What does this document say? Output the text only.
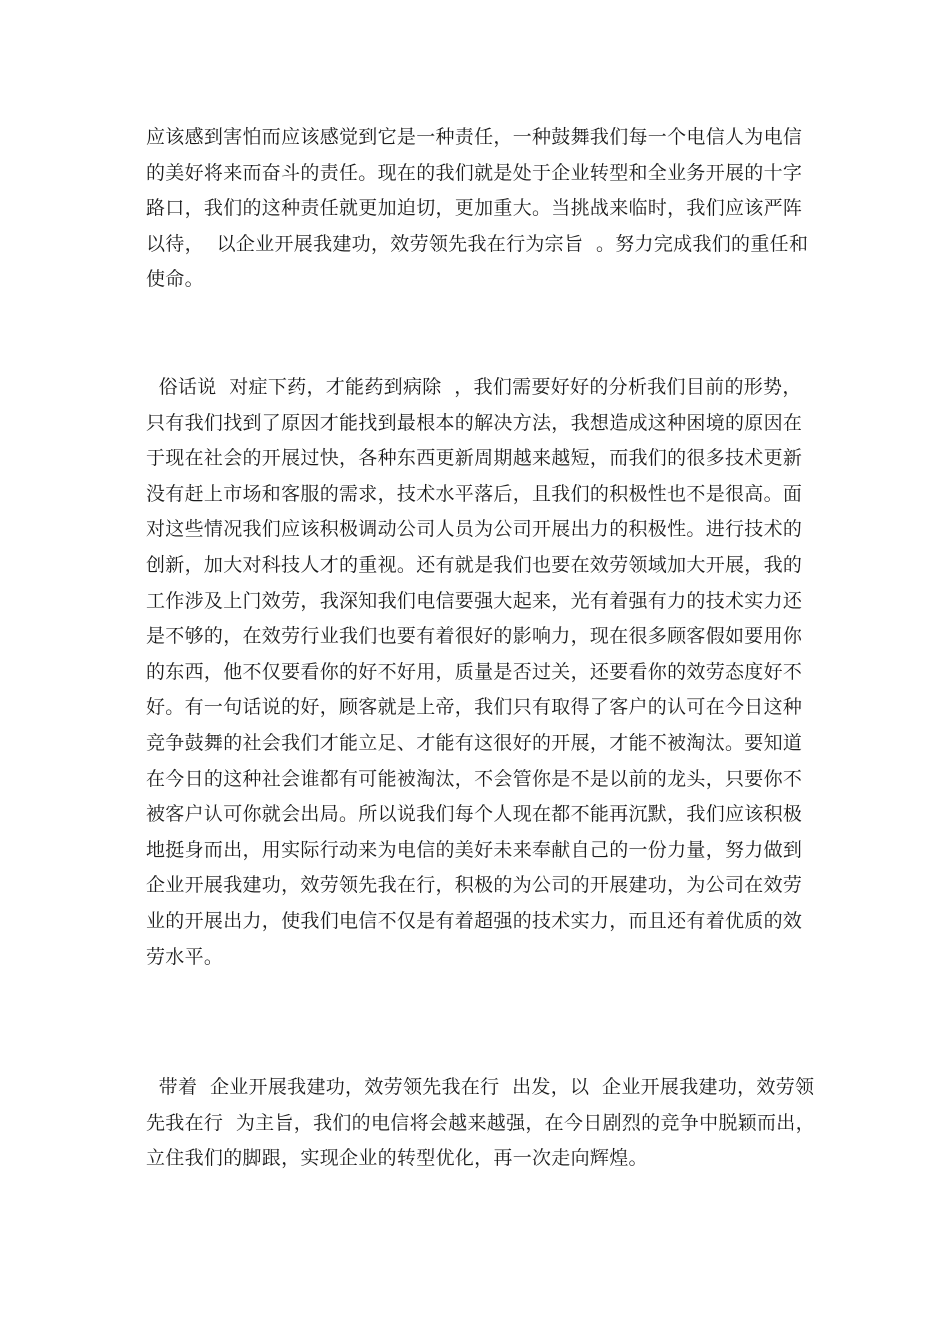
应该感到害怕而应该感觉到它是一种责任，一种鼓舞我们每一个电信人为电信
的美好将来而奋斗的责任。现在的我们就是处于企业转型和全业务开展的十字
路口，我们的这种责任就更加迫切，更加重大。当挑战来临时，我们应该严阵
以待，  以企业开展我建功，效劳领先我在行为宗旨  。努力完成我们的重任和
使命。

俗话说  对症下药，才能药到病除  ，我们需要好好的分析我们目前的形势，
只有我们找到了原因才能找到最根本的解决方法，我想造成这种困境的原因在
于现在社会的开展过快，各种东西更新周期越来越短，而我们的很多技术更新
没有赶上市场和客服的需求，技术水平落后，且我们的积极性也不是很高。面
对这些情况我们应该积极调动公司人员为公司开展出力的积极性。进行技术的
创新，加大对科技人才的重视。还有就是我们也要在效劳领域加大开展，我的
工作涉及上门效劳，我深知我们电信要强大起来，光有着强有力的技术实力还
是不够的，在效劳行业我们也要有着很好的影响力，现在很多顾客假如要用你
的东西，他不仅要看你的好不好用，质量是否过关，还要看你的效劳态度好不
好。有一句话说的好，顾客就是上帝，我们只有取得了客户的认可在今日这种
竞争鼓舞的社会我们才能立足、才能有这很好的开展，才能不被淘汰。要知道
在今日的这种社会谁都有可能被淘汰，不会管你是不是以前的龙头，只要你不
被客户认可你就会出局。所以说我们每个人现在都不能再沉默，我们应该积极
地挺身而出，用实际行动来为电信的美好未来奉献自己的一份力量，努力做到
企业开展我建功，效劳领先我在行，积极的为公司的开展建功，为公司在效劳
业的开展出力，使我们电信不仅是有着超强的技术实力，而且还有着优质的效
劳水平。

带着  企业开展我建功，效劳领先我在行  出发，以  企业开展我建功，效劳领
先我在行  为主旨，我们的电信将会越来越强，在今日剧烈的竞争中脱颖而出，
立住我们的脚跟，实现企业的转型优化，再一次走向辉煌。
